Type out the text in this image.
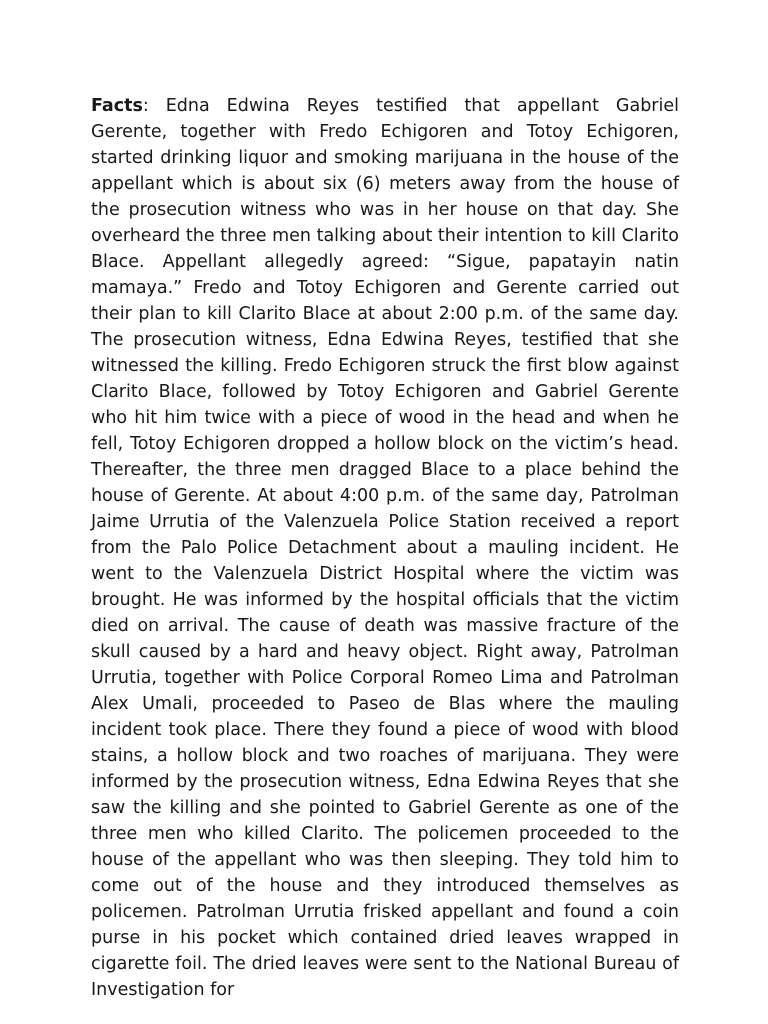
Facts: Edna Edwina Reyes testified that appellant Gabriel Gerente, together with Fredo Echigoren and Totoy Echigoren, started drinking liquor and smoking marijuana in the house of the appellant which is about six (6) meters away from the house of the prosecution witness who was in her house on that day. She overheard the three men talking about their intention to kill Clarito Blace. Appellant allegedly agreed: “Sigue, papatayin natin mamaya.” Fredo and Totoy Echigoren and Gerente carried out their plan to kill Clarito Blace at about 2:00 p.m. of the same day. The prosecution witness, Edna Edwina Reyes, testified that she witnessed the killing. Fredo Echigoren struck the first blow against Clarito Blace, followed by Totoy Echigoren and Gabriel Gerente who hit him twice with a piece of wood in the head and when he fell, Totoy Echigoren dropped a hollow block on the victim’s head. Thereafter, the three men dragged Blace to a place behind the house of Gerente. At about 4:00 p.m. of the same day, Patrolman Jaime Urrutia of the Valenzuela Police Station received a report from the Palo Police Detachment about a mauling incident. He went to the Valenzuela District Hospital where the victim was brought. He was informed by the hospital officials that the victim died on arrival. The cause of death was massive fracture of the skull caused by a hard and heavy object. Right away, Patrolman Urrutia, together with Police Corporal Romeo Lima and Patrolman Alex Umali, proceeded to Paseo de Blas where the mauling incident took place. There they found a piece of wood with blood stains, a hollow block and two roaches of marijuana. They were informed by the prosecution witness, Edna Edwina Reyes that she saw the killing and she pointed to Gabriel Gerente as one of the three men who killed Clarito. The policemen proceeded to the house of the appellant who was then sleeping. They told him to come out of the house and they introduced themselves as policemen. Patrolman Urrutia frisked appellant and found a coin purse in his pocket which contained dried leaves wrapped in cigarette foil. The dried leaves were sent to the National Bureau of Investigation for
